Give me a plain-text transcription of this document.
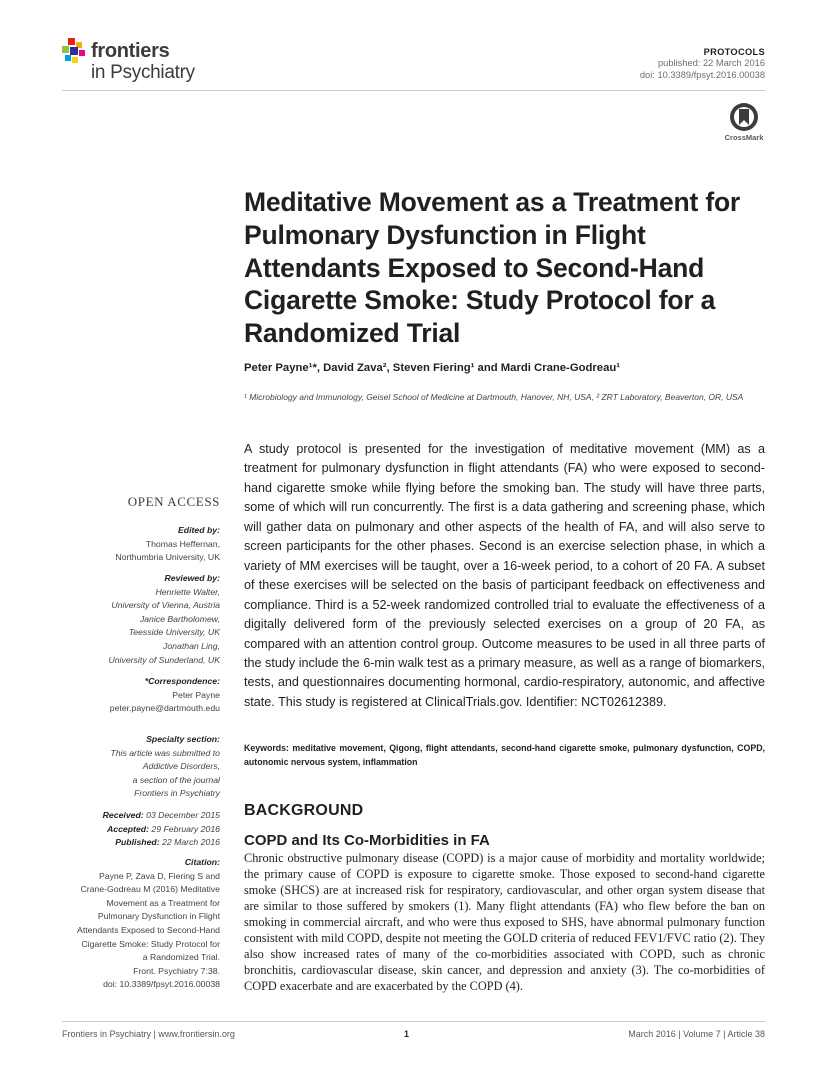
frontiers
in Psychiatry
PROTOCOLS
published: 22 March 2016
doi: 10.3389/fpsyt.2016.00038
CrossMark
Meditative Movement as a Treatment for Pulmonary Dysfunction in Flight Attendants Exposed to Second-Hand Cigarette Smoke: Study Protocol for a Randomized Trial
Peter Payne¹*, David Zava², Steven Fiering¹ and Mardi Crane-Godreau¹
¹ Microbiology and Immunology, Geisel School of Medicine at Dartmouth, Hanover, NH, USA, ² ZRT Laboratory, Beaverton, OR, USA
OPEN ACCESS
Edited by:
Thomas Heffernan,
Northumbria University, UK
Reviewed by:
Henriette Walter,
University of Vienna, Austria
Janice Bartholomew,
Teesside University, UK
Jonathan Ling,
University of Sunderland, UK
*Correspondence:
Peter Payne
peter.payne@dartmouth.edu
Specialty section:
This article was submitted to
Addictive Disorders,
a section of the journal
Frontiers in Psychiatry
Received: 03 December 2015
Accepted: 29 February 2016
Published: 22 March 2016
Citation:
Payne P, Zava D, Fiering S and
Crane-Godreau M (2016) Meditative
Movement as a Treatment for
Pulmonary Dysfunction in Flight
Attendants Exposed to Second-Hand
Cigarette Smoke: Study Protocol for
a Randomized Trial.
Front. Psychiatry 7:38.
doi: 10.3389/fpsyt.2016.00038

A study protocol is presented for the investigation of meditative movement (MM) as a treatment for pulmonary dysfunction in flight attendants (FA) who were exposed to second-hand cigarette smoke while flying before the smoking ban. The study will have three parts, some of which will run concurrently. The first is a data gathering and screening phase, which will gather data on pulmonary and other aspects of the health of FA, and will also serve to screen participants for the other phases. Second is an exercise selection phase, in which a variety of MM exercises will be taught, over a 16-week period, to a cohort of 20 FA. A subset of these exercises will be selected on the basis of participant feedback on effectiveness and compliance. Third is a 52-week randomized controlled trial to evaluate the effectiveness of a digitally delivered form of the previously selected exercises on a group of 20 FA, as compared with an attention control group. Outcome measures to be used in all three parts of the study include the 6-min walk test as a primary measure, as well as a range of biomarkers, tests, and questionnaires documenting hormonal, cardio-respiratory, autonomic, and affective state. This study is registered at ClinicalTrials.gov. Identifier: NCT02612389.

Keywords: meditative movement, Qigong, flight attendants, second-hand cigarette smoke, pulmonary dysfunction, COPD, autonomic nervous system, inflammation
BACKGROUND
COPD and Its Co-Morbidities in FA

Chronic obstructive pulmonary disease (COPD) is a major cause of morbidity and mortality worldwide; the primary cause of COPD is exposure to cigarette smoke. Those exposed to second-hand cigarette smoke (SHCS) are at increased risk for respiratory, cardiovascular, and other organ system disease that are similar to those suffered by smokers (1). Many flight attendants (FA) who flew before the ban on smoking in commercial aircraft, and who were thus exposed to SHS, have abnormal pulmonary function consistent with mild COPD, despite not meeting the GOLD criteria of reduced FEV1/FVC ratio (2). They also show increased rates of many of the co-morbidities associated with COPD, such as chronic bronchitis, cardiovascular disease, skin cancer, and depression and anxiety (3). The co-morbidities of COPD exacerbate and are exacerbated by the COPD (4).

Frontiers in Psychiatry | www.frontiersin.org	1	March 2016 | Volume 7 | Article 38
